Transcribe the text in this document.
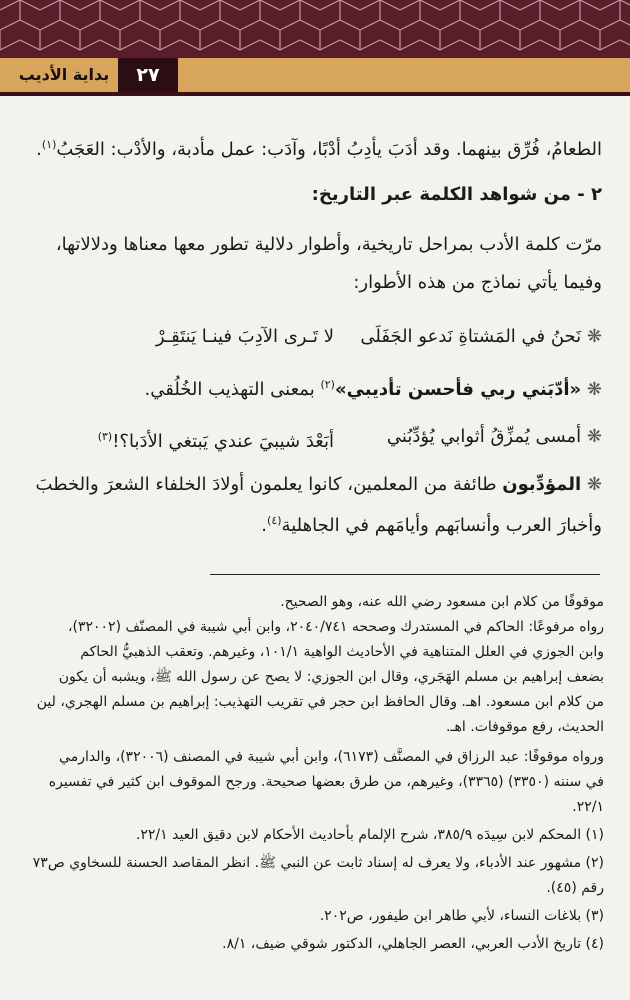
بداية الأديب	٢٧
الطعامُ، فُرِّق بينهما. وقد أدَبَ يأدِبُ أدْبًا، وآدَب: عمل مأدبة، والأدْب: العَجَبُ$^{(١)}$.
٢ - من شواهد الكلمة عبر التاريخ:
مرّت كلمة الأدب بمراحل تاريخية، وأطوار دلالية تطور معها معناها ودلالاتها،
وفيما يأتي نماذج من هذه الأطوار:
❋ نَحنُ في المَشتاةِ نَدعو الجَفَلَى
لا تَـرى الآدِبَ فينـا يَنتَقِـرْ
❋ «أدّبَني ربي فأحسن تأديبي»$^{(٢)}$ بمعنى التهذيب الخُلُقي.
❋ أمسى يُمزِّقُ أثوابي يُؤدِّبُني
أبَعْدَ شيبيَ عندي يَبتغي الأدَبا؟!$^{(٣)}$
❋ المؤدِّبون طائفة من المعلمين، كانوا يعلمون أولادَ الخلفاء الشعرَ والخطبَ
وأخبارَ العرب وأنسابَهم وأيامَهم في الجاهلية$^{(٤)}$.
موقوفًا من كلام ابن مسعود رضي الله عنه، وهو الصحيح.
رواه مرفوعًا: الحاكم في المستدرك وصححه ٢٠٤٠/٧٤١، وابن أبي شيبة في المصنّف (٣٢٠٠٢)،
وابن الجوزي في العلل المتناهية في الأحاديث الواهية ١٠١/١، وغيرهم. وتعقب الذهبيُّ الحاكم
بضعف إبراهيم بن مسلم الهَجَري، وقال ابن الجوزي: لا يصح عن رسول الله ﷺ، ويشبه أن يكون
من كلام ابن مسعود. اهـ. وقال الحافظ ابن حجر في تقريب التهذيب: إبراهيم بن مسلم الهجري، لين
الحديث، رفع موقوفات. اهـ.
ورواه موقوفًا: عبد الرزاق في المصنَّف (٦١٧٣)، وابن أبي شيبة في المصنف (٣٢٠٠٦)، والدارمي
في سننه (٣٣٥٠) (٣٣٦٥)، وغيرهم، من طرق بعضها صحيحة. ورجح الموقوف ابن كثير في تفسيره
٢٢/١.
(١) المحكم لابن سِيدَه ٣٨٥/٩، شرح الإلمام بأحاديث الأحكام لابن دقيق العيد ٢٢/١.
(٢) مشهور عند الأدباء، ولا يعرف له إسناد ثابت عن النبي ﷺ. انظر المقاصد الحسنة للسخاوي ص٧٣
رقم (٤٥).
(٣) بلاغات النساء، لأبي طاهر ابن طيفور، ص٢٠٢.
(٤) تاريخ الأدب العربي، العصر الجاهلي، الدكتور شوقي ضيف، ٨/١.
